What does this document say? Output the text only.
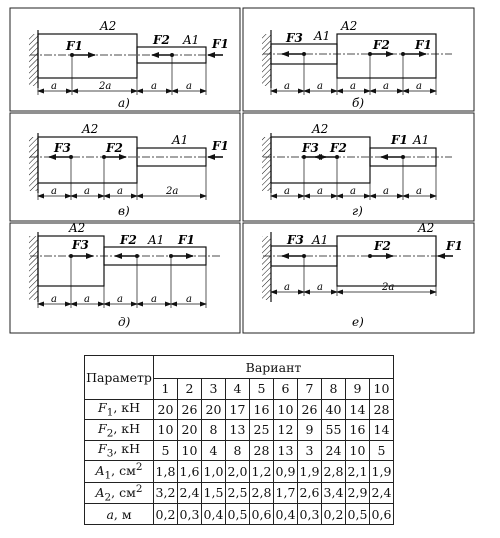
A2
A1
F1	F2	F1
a	2a	a	a
а)
A2
A1
F3	F2 F1
a	a	a	a	a
б)
A2
A1
F3	F2	F1
a	a	a	2a
в)
A2
A1
F3 F2
F1
a	a	a	a	a
г)
A2
A1
F3	F2	F1
a	a	a	a	a
д)
A2
A1
F3	F2	F1
a	a	2a
е)
Параметр	Вариант									
	1	2	3	4	5	6	7	8	9	10
$F_1$, кН	20	26	20	17	16	10	26	40	14	28
$F_2$, кН	10	20	8	13	25	12	9	55	16	14
$F_3$, кН	5	10	4	8	28	13	3	24	10	5
$A_1$, $см^2$	1,8	1,6	1,0	2,0	1,2	0,9	1,9	2,8	2,1	1,9
$A_2$, $см^2$	3,2	2,4	1,5	2,5	2,8	1,7	2,6	3,4	2,9	2,4
a, м	0,2	0,3	0,4	0,5	0,6	0,4	0,3	0,2	0,5	0,6
